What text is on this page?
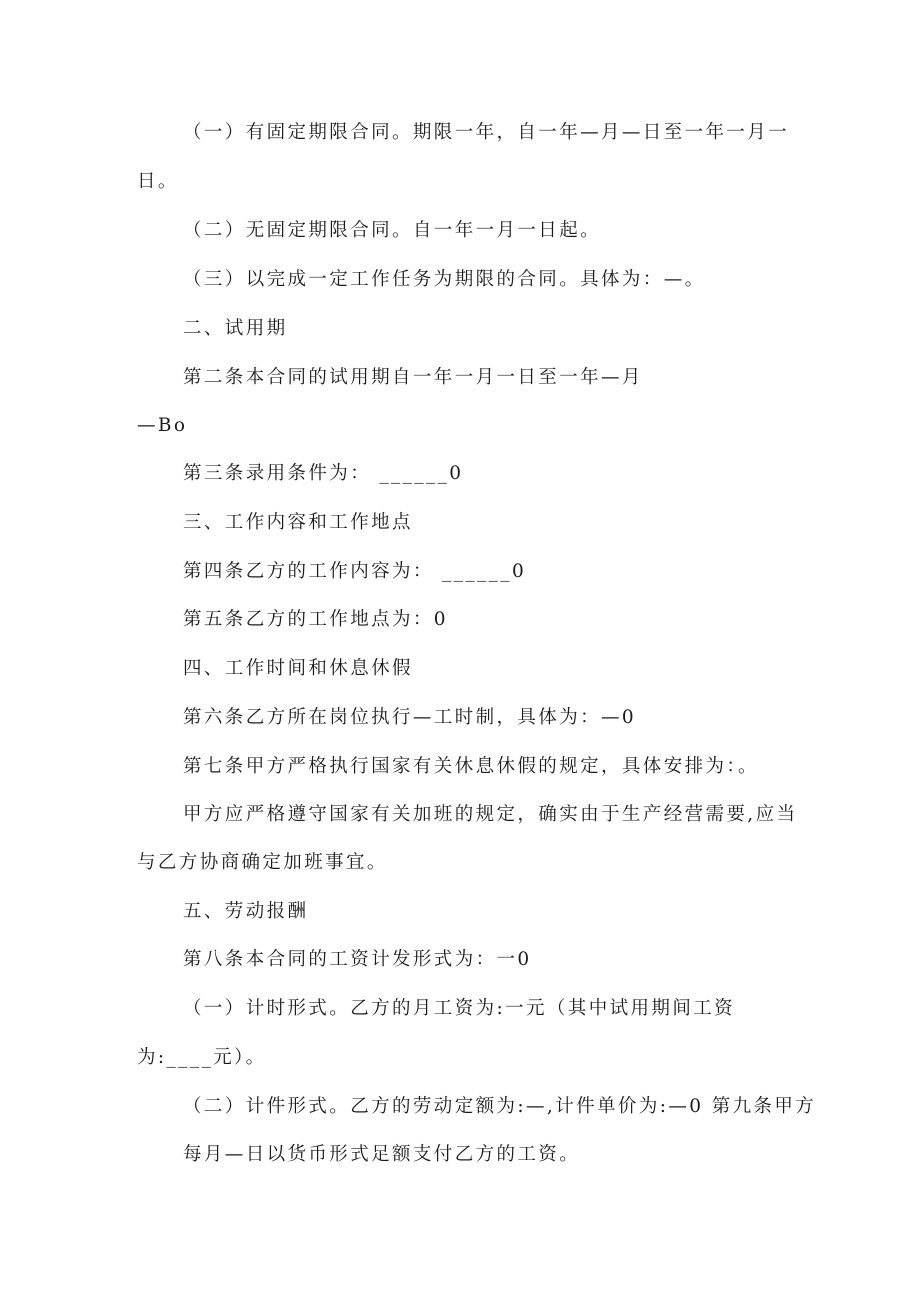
（一）有固定期限合同。期限一年，自一年—月—日至一年一月一
日。
（二）无固定期限合同。自一年一月一日起。
（三）以完成一定工作任务为期限的合同。具体为：—。
二、试用期
第二条本合同的试用期自一年一月一日至一年—月
—Bo
第三条录用条件为： ______0
三、工作内容和工作地点
第四条乙方的工作内容为： ______0
第五条乙方的工作地点为：0
四、工作时间和休息休假
第六条乙方所在岗位执行—工时制，具体为：—0
第七条甲方严格执行国家有关休息休假的规定，具体安排为：。
甲方应严格遵守国家有关加班的规定，确实由于生产经营需要,应当
与乙方协商确定加班事宜。
五、劳动报酬
第八条本合同的工资计发形式为：一0
（一）计时形式。乙方的月工资为:一元（其中试用期间工资
为:____元）。
（二）计件形式。乙方的劳动定额为:—,计件单价为:—0 第九条甲方
每月—日以货币形式足额支付乙方的工资。
